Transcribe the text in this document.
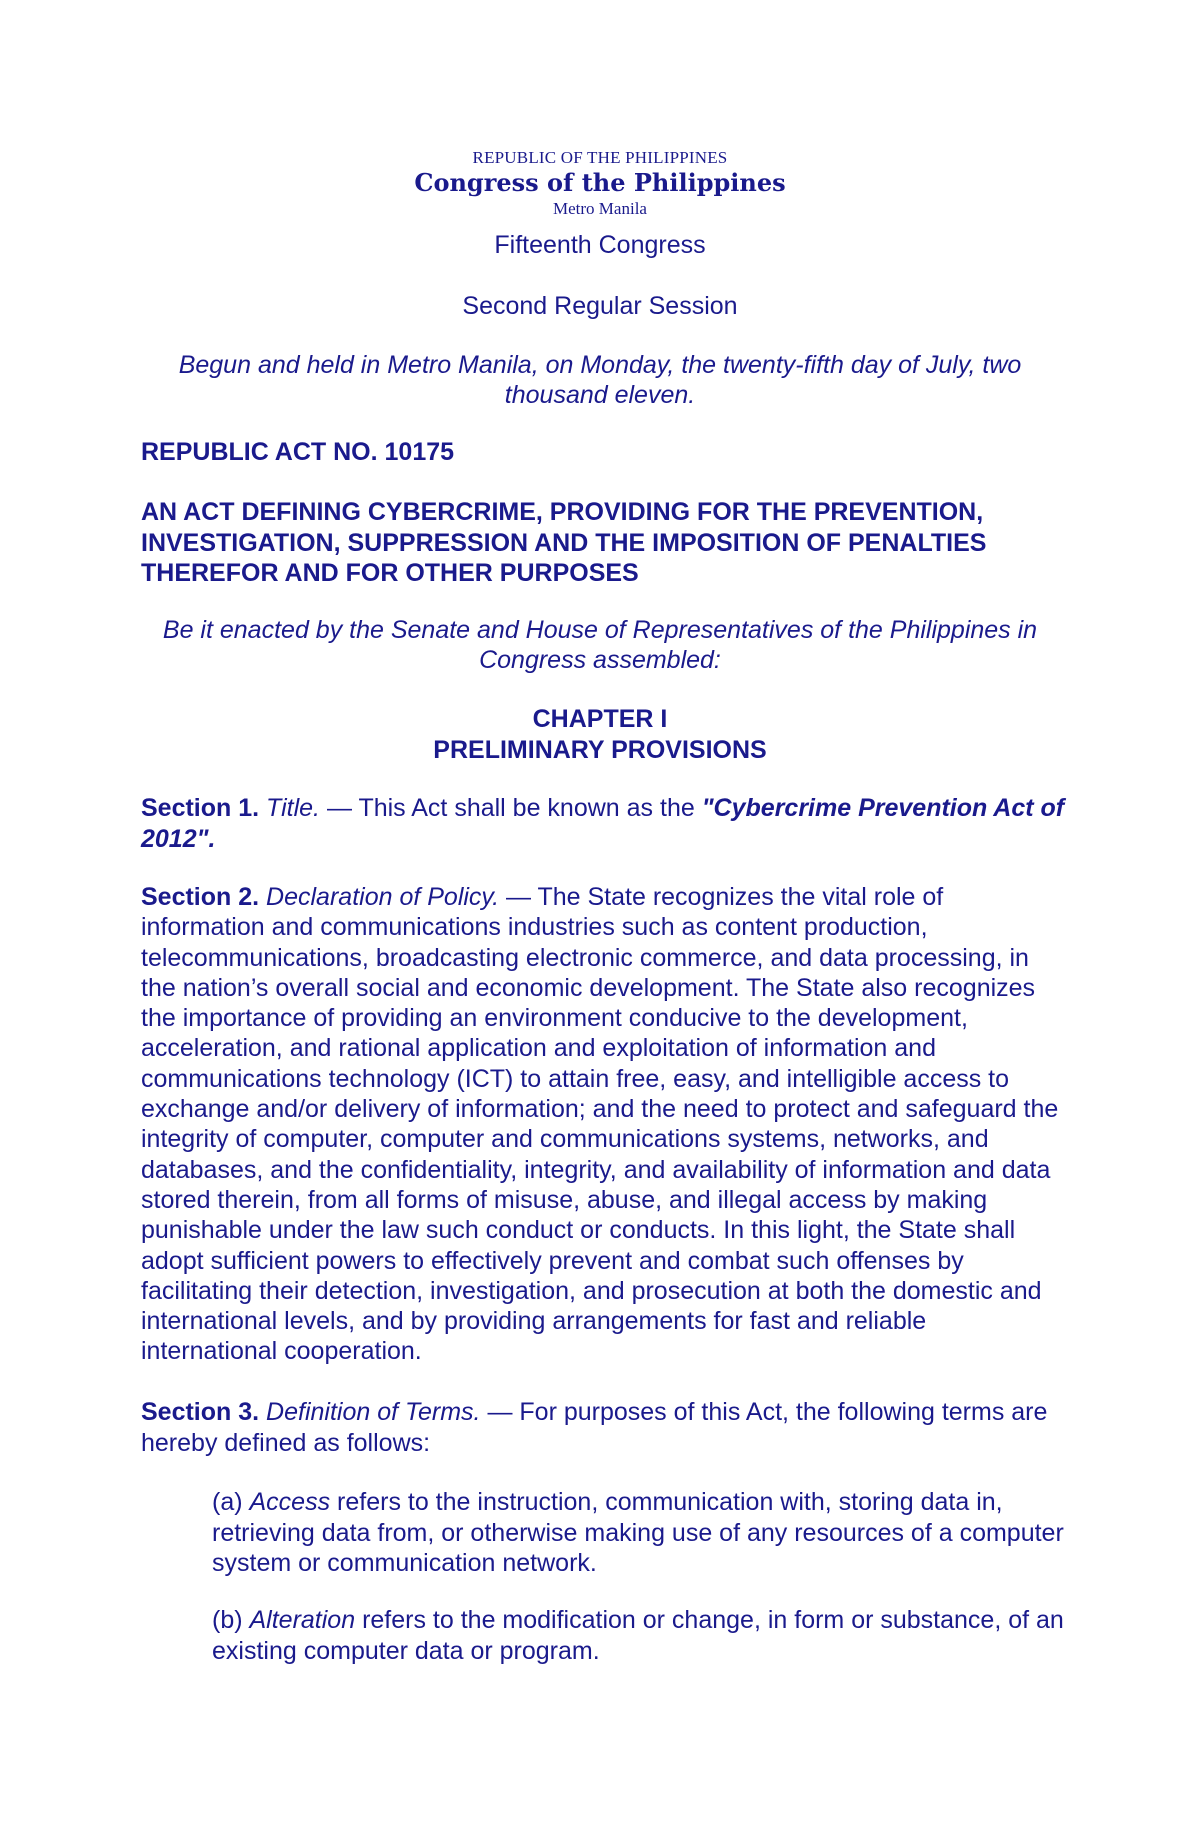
REPUBLIC OF THE PHILIPPINES
Congress of the Philippines
Metro Manila
Fifteenth Congress
Second Regular Session
Begun and held in Metro Manila, on Monday, the twenty-fifth day of July, two thousand eleven.
REPUBLIC ACT NO. 10175
AN ACT DEFINING CYBERCRIME, PROVIDING FOR THE PREVENTION, INVESTIGATION, SUPPRESSION AND THE IMPOSITION OF PENALTIES THEREFOR AND FOR OTHER PURPOSES
Be it enacted by the Senate and House of Representatives of the Philippines in Congress assembled:
CHAPTER I
PRELIMINARY PROVISIONS

Section 1. Title. — This Act shall be known as the "Cybercrime Prevention Act of 2012".

Section 2. Declaration of Policy. — The State recognizes the vital role of information and communications industries such as content production, telecommunications, broadcasting electronic commerce, and data processing, in the nation’s overall social and economic development. The State also recognizes the importance of providing an environment conducive to the development, acceleration, and rational application and exploitation of information and communications technology (ICT) to attain free, easy, and intelligible access to exchange and/or delivery of information; and the need to protect and safeguard the integrity of computer, computer and communications systems, networks, and databases, and the confidentiality, integrity, and availability of information and data stored therein, from all forms of misuse, abuse, and illegal access by making punishable under the law such conduct or conducts. In this light, the State shall adopt sufficient powers to effectively prevent and combat such offenses by facilitating their detection, investigation, and prosecution at both the domestic and international levels, and by providing arrangements for fast and reliable international cooperation.

Section 3. Definition of Terms. — For purposes of this Act, the following terms are hereby defined as follows:

(a) Access refers to the instruction, communication with, storing data in, retrieving data from, or otherwise making use of any resources of a computer system or communication network.

(b) Alteration refers to the modification or change, in form or substance, of an existing computer data or program.
